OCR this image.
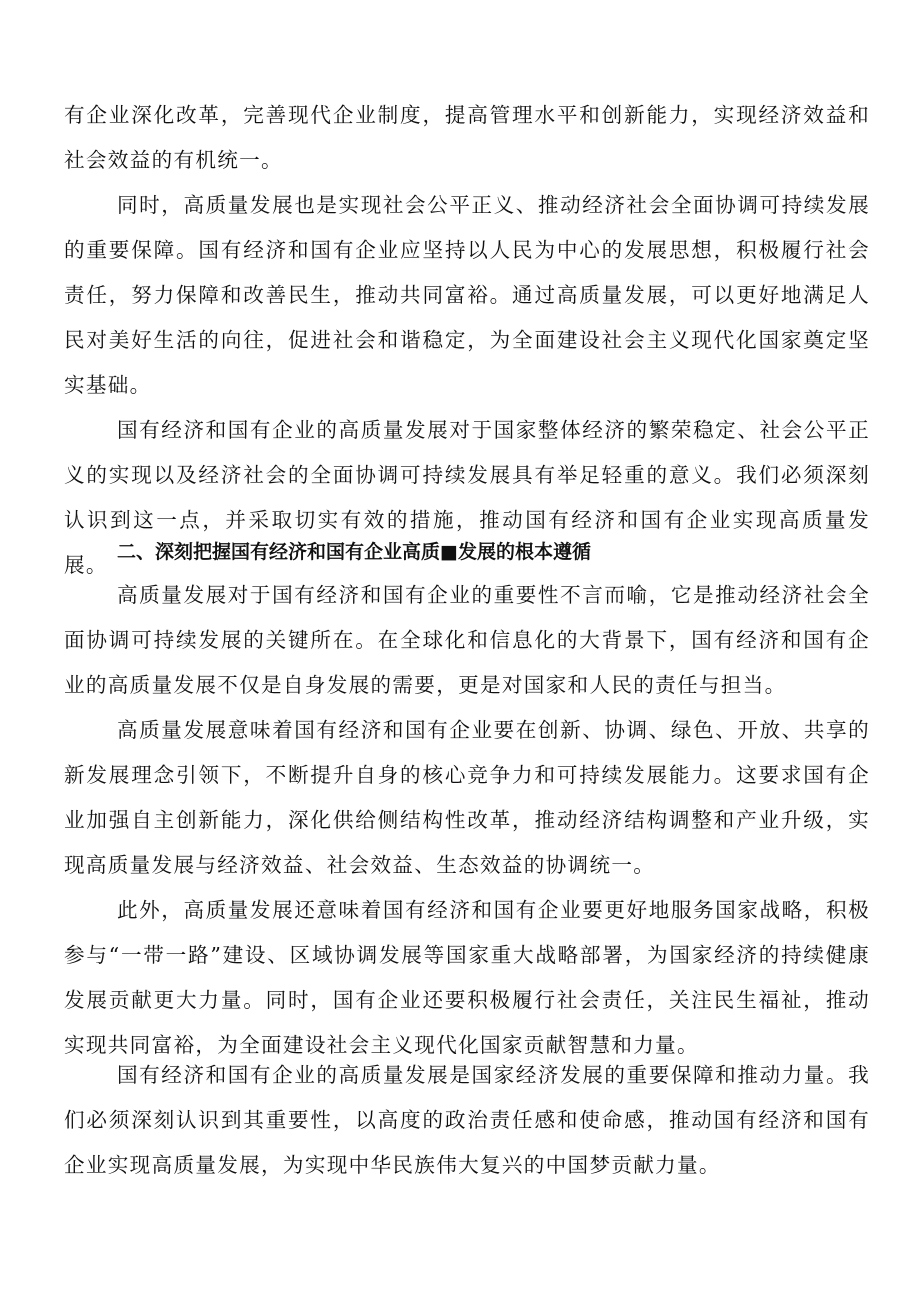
有企业深化改革，完善现代企业制度，提高管理水平和创新能力，实现经济效益和社会效益的有机统一。

同时，高质量发展也是实现社会公平正义、推动经济社会全面协调可持续发展的重要保障。国有经济和国有企业应坚持以人民为中心的发展思想，积极履行社会责任，努力保障和改善民生，推动共同富裕。通过高质量发展，可以更好地满足人民对美好生活的向往，促进社会和谐稳定，为全面建设社会主义现代化国家奠定坚实基础。

国有经济和国有企业的高质量发展对于国家整体经济的繁荣稳定、社会公平正义的实现以及经济社会的全面协调可持续发展具有举足轻重的意义。我们必须深刻认识到这一点，并采取切实有效的措施，推动国有经济和国有企业实现高质量发展。

二、深刻把握国有经济和国有企业高质■发展的根本遵循

高质量发展对于国有经济和国有企业的重要性不言而喻，它是推动经济社会全面协调可持续发展的关键所在。在全球化和信息化的大背景下，国有经济和国有企业的高质量发展不仅是自身发展的需要，更是对国家和人民的责任与担当。

高质量发展意味着国有经济和国有企业要在创新、协调、绿色、开放、共享的新发展理念引领下，不断提升自身的核心竞争力和可持续发展能力。这要求国有企业加强自主创新能力，深化供给侧结构性改革，推动经济结构调整和产业升级，实现高质量发展与经济效益、社会效益、生态效益的协调统一。

此外，高质量发展还意味着国有经济和国有企业要更好地服务国家战略，积极参与“一带一路”建设、区域协调发展等国家重大战略部署，为国家经济的持续健康发展贡献更大力量。同时，国有企业还要积极履行社会责任，关注民生福祉，推动实现共同富裕，为全面建设社会主义现代化国家贡献智慧和力量。

国有经济和国有企业的高质量发展是国家经济发展的重要保障和推动力量。我们必须深刻认识到其重要性，以高度的政治责任感和使命感，推动国有经济和国有企业实现高质量发展，为实现中华民族伟大复兴的中国梦贡献力量。
